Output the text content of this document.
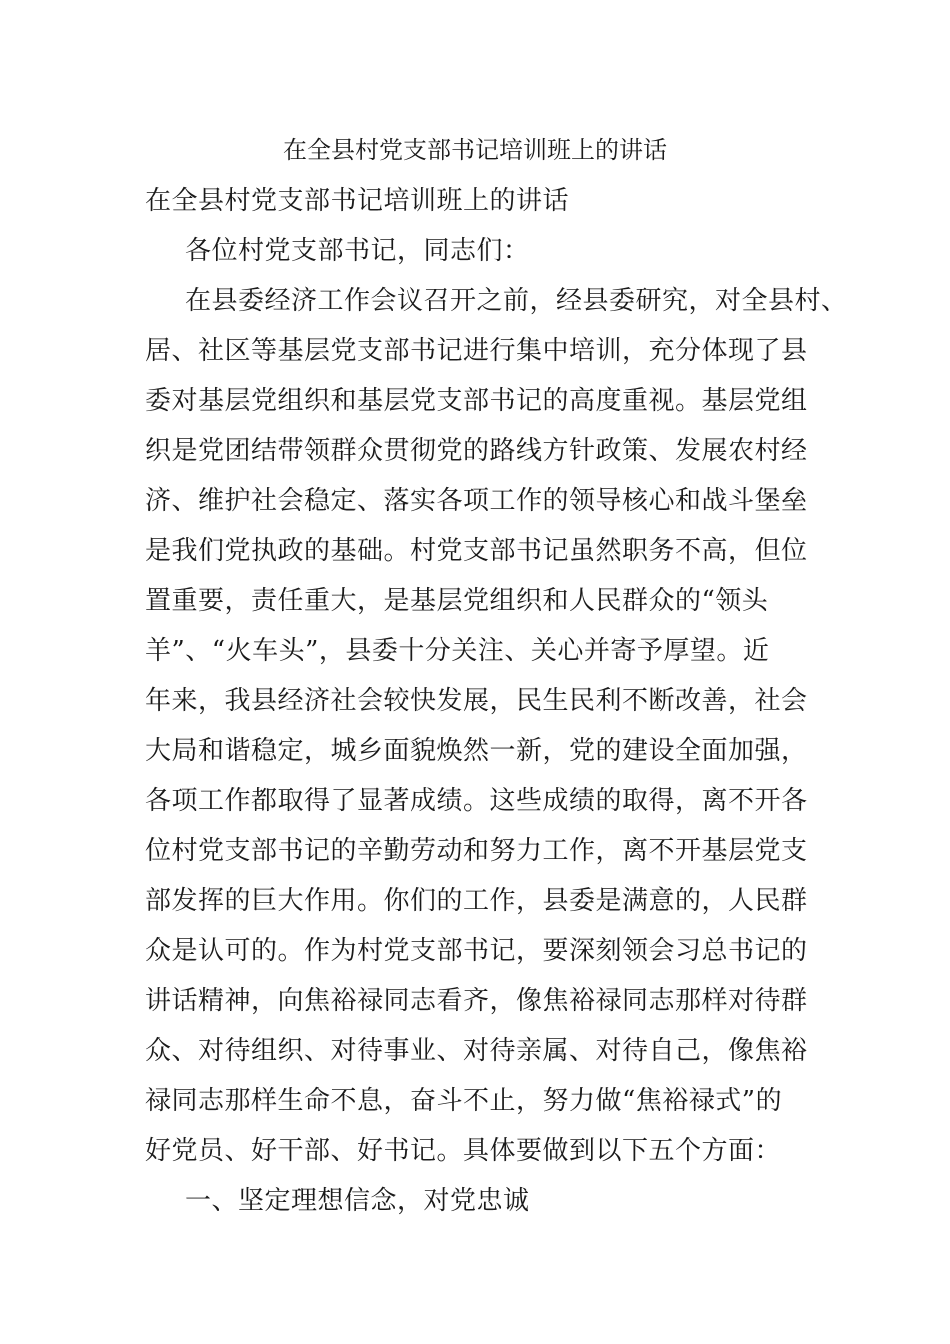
在全县村党支部书记培训班上的讲话
在全县村党支部书记培训班上的讲话
各位村党支部书记，同志们：
在县委经济工作会议召开之前，经县委研究，对全县村、
居、社区等基层党支部书记进行集中培训，充分体现了县
委对基层党组织和基层党支部书记的高度重视。基层党组
织是党团结带领群众贯彻党的路线方针政策、发展农村经
济、维护社会稳定、落实各项工作的领导核心和战斗堡垒
是我们党执政的基础。村党支部书记虽然职务不高，但位
置重要，责任重大，是基层党组织和人民群众的“领头
羊”、“火车头”，县委十分关注、关心并寄予厚望。近
年来，我县经济社会较快发展，民生民利不断改善，社会
大局和谐稳定，城乡面貌焕然一新，党的建设全面加强，
各项工作都取得了显著成绩。这些成绩的取得，离不开各
位村党支部书记的辛勤劳动和努力工作，离不开基层党支
部发挥的巨大作用。你们的工作，县委是满意的，人民群
众是认可的。作为村党支部书记，要深刻领会习总书记的
讲话精神，向焦裕禄同志看齐，像焦裕禄同志那样对待群
众、对待组织、对待事业、对待亲属、对待自己，像焦裕
禄同志那样生命不息，奋斗不止，努力做“焦裕禄式”的
好党员、好干部、好书记。具体要做到以下五个方面：
一、坚定理想信念，对党忠诚
